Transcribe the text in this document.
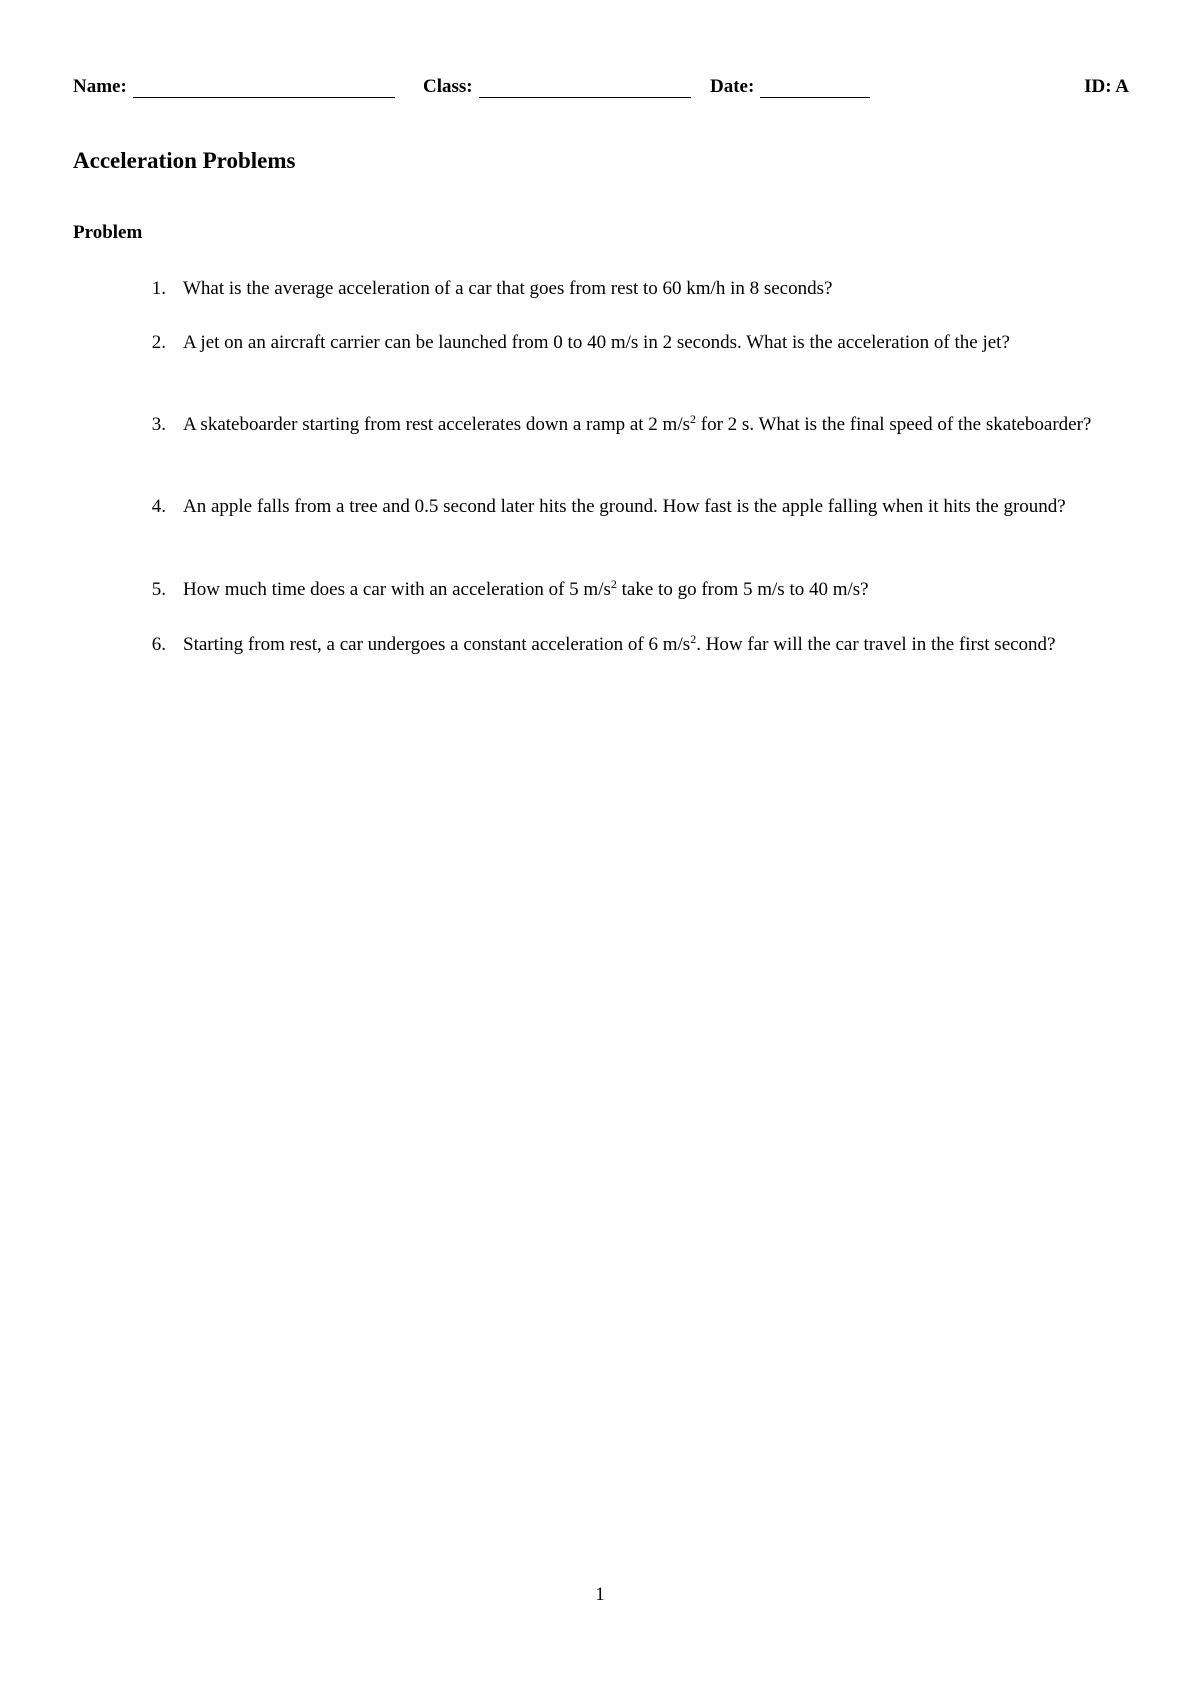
Name:	Class:	Date:	ID: A
Acceleration Problems
Problem
1. What is the average acceleration of a car that goes from rest to 60 km/h in 8 seconds?
2. A jet on an aircraft carrier can be launched from 0 to 40 m/s in 2 seconds. What is the acceleration of the jet?
3. A skateboarder starting from rest accelerates down a ramp at 2 $m/s^2$ for 2 s. What is the final speed of the skateboarder?
4. An apple falls from a tree and 0.5 second later hits the ground. How fast is the apple falling when it hits the ground?
5. How much time does a car with an acceleration of 5 $m/s^2$ take to go from 5 m/s to 40 m/s?
6. Starting from rest, a car undergoes a constant acceleration of 6 $m/s^2$. How far will the car travel in the first second?
1
